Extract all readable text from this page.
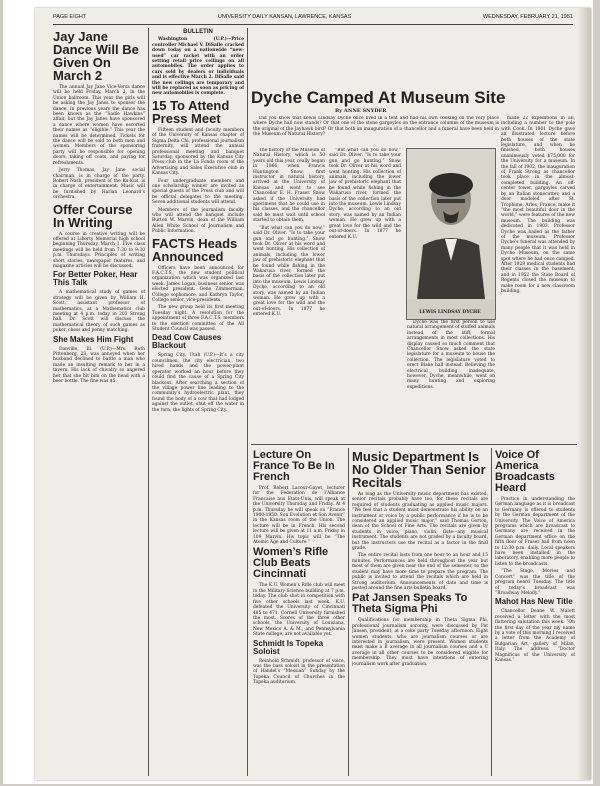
PAGE EIGHT	UNIVERSITY DAILY KANSAN, LAWRENCE, KANSAS	WEDNESDAY, FEBRUARY 21, 1951
Jay Jane Dance Will Be Given On March 2

The annual Jay Jane Vice-Versa dance will be held Friday, March 2, in the Union ballroom. This year the girls will be asking the Jay Janes to sponsor the dance. In previous years the dance has been known as the “Sadie Hawkins” affair, but the Jay Janes have sponsored a dance where women have escorted their names as “eligible.” This year the names will be determined. Tickets for the dance will be sold to both men and women. Members of the sponsoring party will be responsible for opening doors, taking off coats, and paying for refreshments.

Jerry Thomas, Jay Jane social chairman, is in charge of the party. Robert Nash, president of the Ku-Kus, is in charge of entertainment. Music will be furnished by Harlan Leonard’s orchestra.

Offer Course In Writing

A course in creative writing will be offered at Liberty Memorial high school beginning Thursday, March 1. Five class meetings will be held from 7:30 to 9:30 p.m. Thursdays. Principles of writing short stories, newspaper features, and magazine articles will be discussed.

For Better Poker, Hear This Talk

A mathematical study of games of strategy will be given by William H. Scott, assistant professor of mathematics, at a Mathematics club meeting at 4 p.m. today in 203 Strong hall. Dr. Scott will discuss the mathematical theory of such games as poker, chess and penny matching.

She Makes Him Fight

Danville, Ill. (U.P.)—Mrs. Ruth Pittenberg, 23, was annoyed when her husband declined to battle a man who made an insulting remark to her in a tavern. His lack of chivalry so angered her that she hit him on the head with a beer bottle. The fine was $5.

BULLETIN

Washington (U.P.)—Price controller Michael V. DiSalle cracked down today on a nationwide “new-used” car racket with an order setting retail price ceilings on all automobiles. The order applies to cars sold by dealers or individuals and is effective March 2. DiSalle said the new ceilings are temporary and will be replaced as soon as pricing of new automobiles is complete.

15 To Attend Press Meet

Fifteen student and faculty members of the University of Kansas chapter of Sigma Delta Chi, professional journalism fraternity, will attend the annual professional meeting and banquet Saturday, sponsored by the Kansas City Press club in the La Fonda room of the Advertising and Sales Executive club in Kansas City.

Four undergraduate members and one scholarship winner are invited as special guests of the Press club and will be official delegates to the meeting. Seven additional students will attend.

Members of the journalism faculty who will attend the banquet include Burton W. Marvin, dean of the William Allen White School of Journalism and Public Information.

FACTS Heads Announced

Officers have been announced for F.A.C.T.S., the new student political organization which was organized last week. James Logan, business senior, was elected president. Gene Zimmerman, College sophomore, and Kathryn Taylor, College senior, vice-presidents.

The new group held its first meeting Tuesday night. A resolution for the appointment of three F.A.C.T.S. members to the election committee of the All Student Council was passed.

Dead Cow Causes Blackout

Spring City, Utah (U.P.)—It’s a city councilmen, the city electrician, two hired hands and the power-plant operator worked an hour before they could find the cause of a Spring City blackout. After searching a section of the village power line leading to the community’s hydroelectric plant, they found the body of a cow that had lodged against the outlet, shut off the water in the turn, the lights of Spring City.

Dyche Camped At Museum Site
By ANNE SNYDER

Did you know that Lewis Lindsay Dyche once lived in a tent and had his own cooking on the very place where Dyche hall now stands? Or that one of the stone gargoyles on the entrance columns of the museum is the original of the Jayhawk bird? Or that both an inauguration of a chancellor and a funeral have been held in the Museum of Natural History?

The history of the Museum of Natural History, which is 50 years old this year, really began in 1866, when Francis Huntington Snow, first instructor in natural history, arrived at the University of Kansas and went to see Chancellor E. H. Fraser. Snow asked if the University had specimens that he could use in his classes, and the chancellor said he must wait until school started to obtain them.

“But what can you do now,” said Dr. Oliver. “Is to take your gun and go hunting.” Snow took Dr. Oliver at his word and went hunting. His collection of animals, including the lower jaw of prehistoric elephant that he found while fishing in the Wakarusa river, formed the basis of the collection later put into the museum. Lewis Lindsay Dyche, according to an old story, was named by an Indian woman. He grew up with a great love for the wild and the out-of-doors. In 1877 he entered K.U.

“But what can you do now,” said Dr. Oliver. “Is to take your gun and go hunting.” Snow took Dr. Oliver at his word and went hunting. His collection of animals, including the lower jaw of prehistoric elephant that he found while fishing in the Wakarusa river, formed the basis of the collection later put into the museum. Lewis Lindsay Dyche, according to an old story, was named by an Indian woman. He grew up with a great love for the wild and the out-of-doors. In 1877 he entered K.U.

LEWIS LINDSAY DYCHE

Dyche was the first person to use natural arrangement of stuffed animals instead of the stiff, formal arrangements in most collections. His display caused so much comment that Chancellor Snow asked the state legislature for a museum to house the collection. The legislature voted to erect Blake hall instead. Believing the electrical building inadequate, however. Dyche, meanwhile, went on many hunting and exploring expeditions.

made 22 expeditions in all, including a number to the pole with Cook. In 1901 Dyche gave an illustrated lecture before both houses of the state legislature, and when he finished, both houses unanimously voted $75,000 for the University for a museum. In the fall of 1902, the inauguration of Frank Strong as chancellor took place in the almost-completed building. An off-center tower, gargoyles carved by an Italian stonecutter, and a door modeled after St. Trophime, Arles, France, make it “the most beautiful door in the world,” were features of the new museum. The building was dedicated in 1903. Professor Dyche was hailed as the father of the museum. Professor Dyche’s funeral was attended by many people that it was held in Dyche Museum, on the same spot where he had once camped. After 1929 medical students had their classes in the basement, and in 1952 the State Board of Regents closed the museum to make room for a new classroom building.

Lecture On France To Be In French

Prof. Robert Lacour-Gayet, lecturer for the Federation de l’Alliance Francaise aux Etats-Unis, will speak at the University Thursday and Friday. At 4 p.m. Thursday he will speak on “France 1900-1950: Son Evolution et Son Avenir” in the Kansas room of the Union. The lecture will be in French. His second lecture will be given at 11 a.m. Friday in 109 Marvin. His topic will be “The Atomic Age and Culture.”

Women’s Rifle Club Beats Cincinnati

The K.U. Women’s Rifle club will meet in the Military Science building at 7 p.m. today. The club shot in competition with five other schools last week. K.U. defeated the University of Cincinnati 485 to 471. Cornell University furnished the most. Scores of the three other schools, the University of Louisiana, New Mexico A. & M., and Pennsylvania State college, are not available yet.

Schmidt Is Topeka Soloist

Reinhold Schmidt, professor of voice, was the bass soloist in the presentation of Handel’s “Messiah” Sunday by the Topeka Council of Churches in the Topeka auditorium.

Music Department Is No Older Than Senior Recitals

As long as the University music department has existed, senior recitals probably have too, for these recitals are required of students graduating as applied music majors. “We feel that a student must demonstrate his ability on an instrument or voice by a public performance if he is to be considered an applied music major,” said Thomas Gorton, dean of the School of Fine Arts. The recitals are given by students in voice, piano, violin, flute—any musical instrument. The students are not graded by a faculty board, but the instructors use the recital as a factor in the final grade.

The entire recital lasts from one hour to an hour and 15 minutes. Performances are held throughout the year but most of them are given near the end of the semester, so the student may have more time to prepare the program. The public is invited to attend the recitals which are held in Strong auditorium. Announcements of date and time is posted around the fine arts bulletin board.

Pat Jansen Speaks To Theta Sigma Phi

Qualifications for membership in Theta Sigma Phi, professional journalism sorority, were discussed by Pat Jansen, president, at a coke party Tuesday afternoon. Eight women students, who are journalism courses or are interested in journalism, were present. Women students must make a B average in all journalism courses and a C average in all other courses to be considered eligible for membership. They must have intentions of entering journalism work after graduation.

Voice Of America Broadcasts Heard

Practice in understanding the German language as it is broadcast to Germany is offered to students by the German department of the University. The Voice of America programs which are broadcast to Germany are received in the German department office on the fifth floor of Fraser hall from noon to 12:30 p.m. daily. Local speakers have been installed in the laboratory, enabling more people to listen to the broadcasts.

“The Stage, Movies and Concert” was the title of the program heard Tuesday. The title of today’s broadcast was “Broadway Melody.”

Mahot Has New Title

Chancellor Deane W. Malott received a letter with the most flattering salutation this week. “On the first day of the year my name by a vote of this morning I received a letter from the Academy of Bulgarian Art, gallery of Milan, Italy. The address: “Doctor Magnificus of the University of Kansas.”
